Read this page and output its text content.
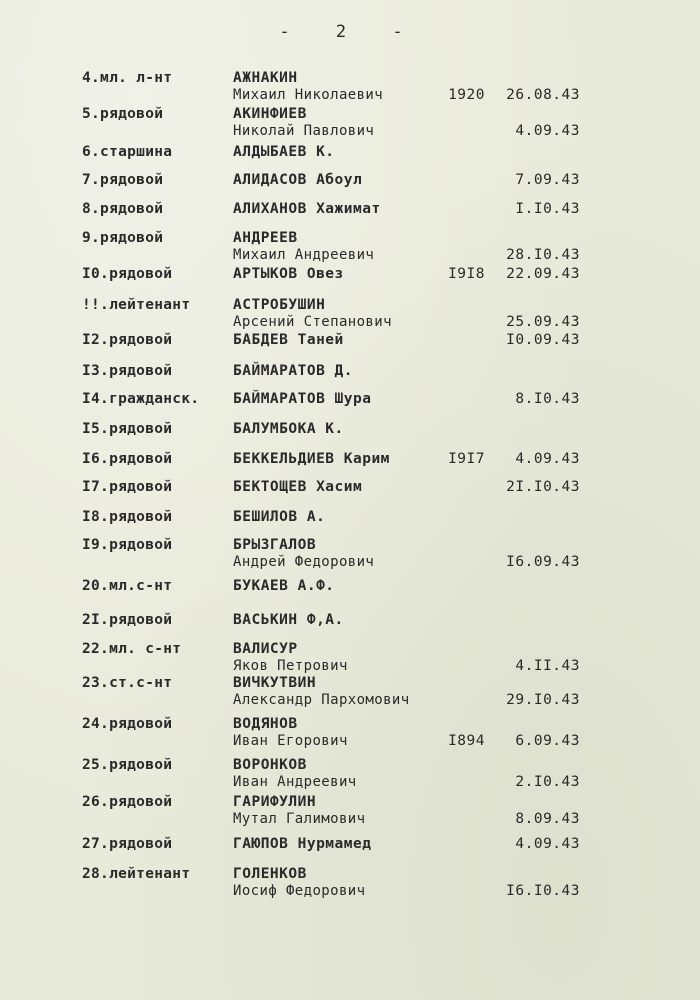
- 2 -
4.мл. л-нт	АЖНАКИН
Михаил Николаевич	1920	26.08.43
5.рядовой	АКИНФИЕВ
Николай Павлович	4.09.43
6.старшина	АЛДЫБАЕВ К.
7.рядовой	АЛИДАСОВ Абоул	7.09.43
8.рядовой	АЛИХАНОВ Хажимат	I.I0.43
9.рядовой	АНДРЕЕВ
Михаил Андреевич	28.I0.43
I0.рядовой	АРТЫКОВ Овез	I9I8	22.09.43
!!.лейтенант	АСТРОБУШИН
Арсений Степанович	25.09.43
I2.рядовой	БАБДЕВ Таней	I0.09.43
I3.рядовой	БАЙМАРАТОВ Д.
I4.гражданск. БАЙМАРАТОВ Шура	8.I0.43
I5.рядовой	БАЛУМБОКА К.
I6.рядовой	БЕККЕЛЬДИЕВ Карим	I9I7	4.09.43
I7.рядовой	БЕКТОЩЕВ Хасим	2I.I0.43
I8.рядовой	БЕШИЛОВ А.
I9.рядовой	БРЫЗГАЛОВ
Андрей Федорович	I6.09.43
20.мл.с-нт	БУКАЕВ А.Ф.
2I.рядовой	ВАСЬКИН Ф,А.
22.мл. с-нт	ВАЛИСУР
Яков Петрович	4.II.43
23.ст.с-нт	ВИЧКУТВИН
Александр Пархомович	29.I0.43
24.рядовой	ВОДЯНОВ
Иван Егорович	I894	6.09.43
25.рядовой	ВОРОНКОВ
Иван Андреевич	2.I0.43
26.рядовой	ГАРИФУЛИН
Мутал Галимович	8.09.43
27.рядовой	ГАЮПОВ Нурмамед	4.09.43
28.лейтенант	ГОЛЕНКОВ
Иосиф Федорович	I6.I0.43
